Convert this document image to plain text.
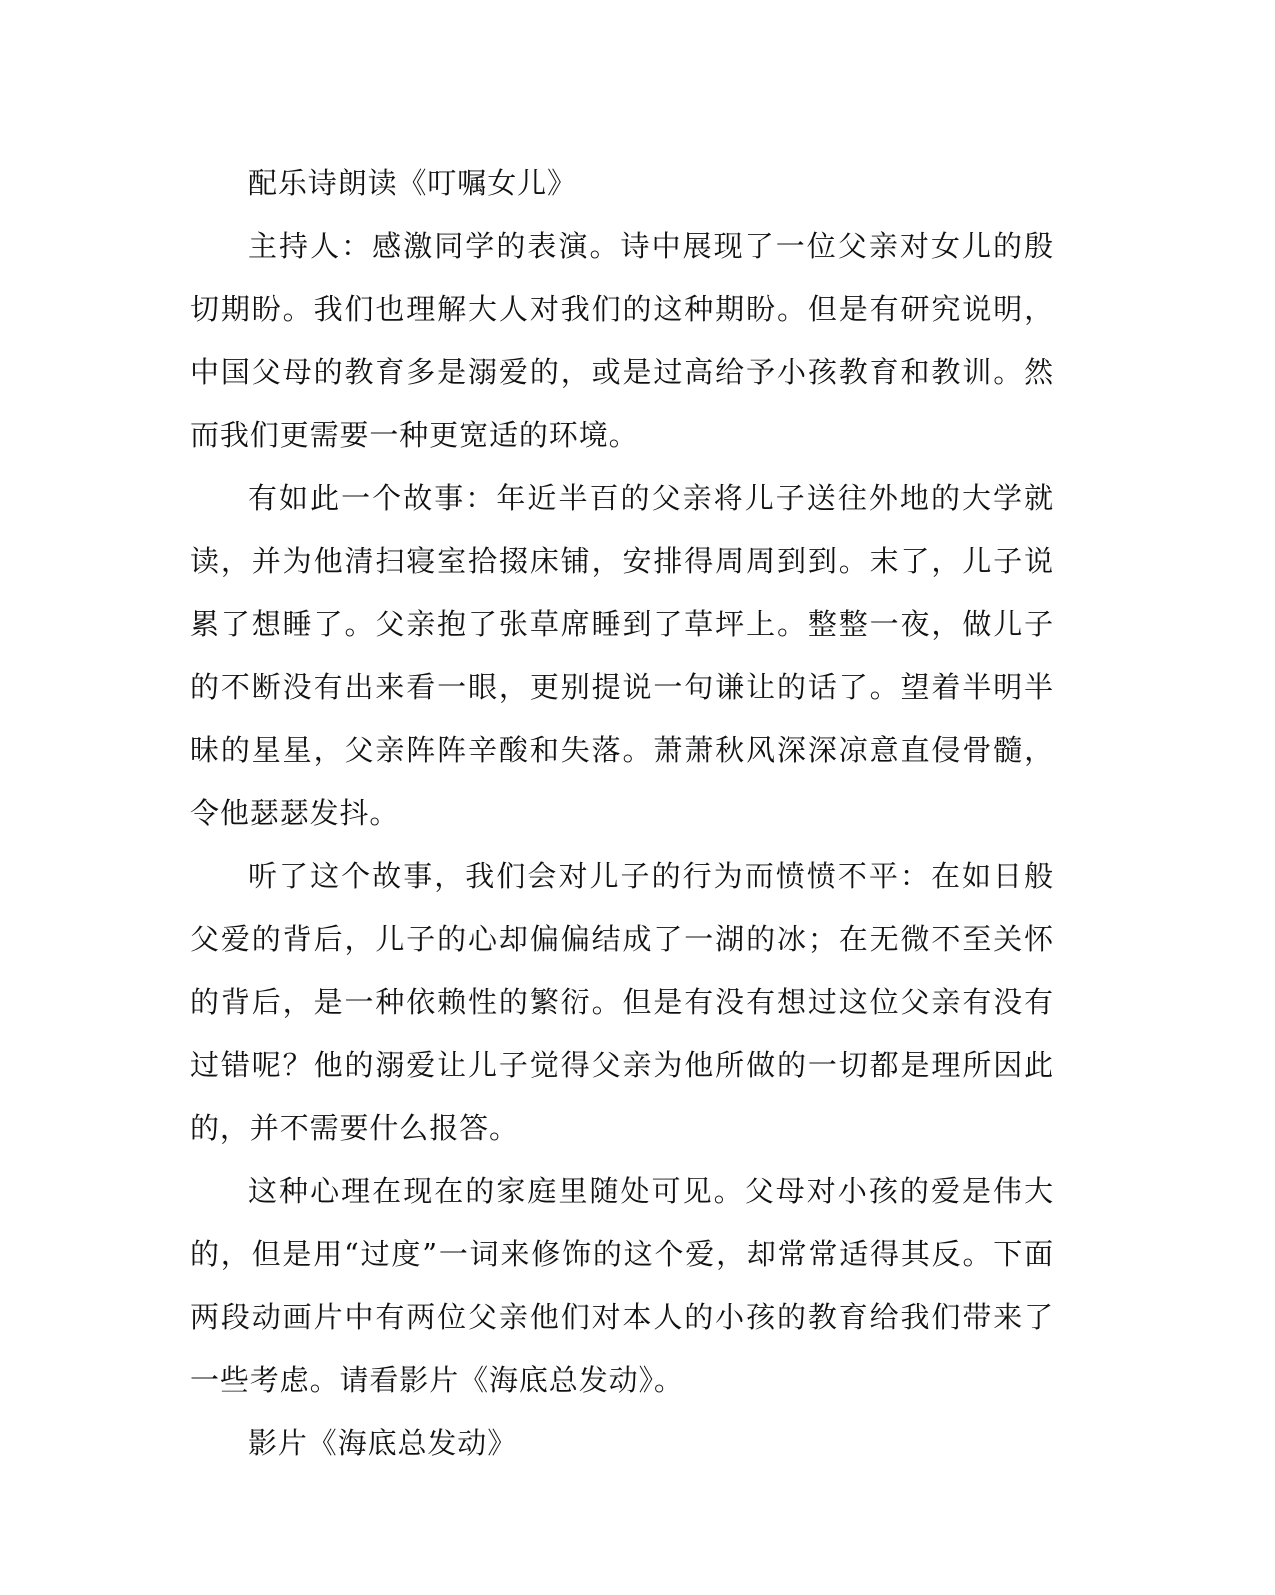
配乐诗朗读《叮嘱女儿》

主持人：感激同学的表演。诗中展现了一位父亲对女儿的殷切期盼。我们也理解大人对我们的这种期盼。但是有研究说明，中国父母的教育多是溺爱的，或是过高给予小孩教育和教训。然而我们更需要一种更宽适的环境。

有如此一个故事：年近半百的父亲将儿子送往外地的大学就读，并为他清扫寝室拾掇床铺，安排得周周到到。末了，儿子说累了想睡了。父亲抱了张草席睡到了草坪上。整整一夜，做儿子的不断没有出来看一眼，更别提说一句谦让的话了。望着半明半昧的星星，父亲阵阵辛酸和失落。萧萧秋风深深凉意直侵骨髓，令他瑟瑟发抖。

听了这个故事，我们会对儿子的行为而愤愤不平：在如日般父爱的背后，儿子的心却偏偏结成了一湖的冰；在无微不至关怀的背后，是一种依赖性的繁衍。但是有没有想过这位父亲有没有过错呢？他的溺爱让儿子觉得父亲为他所做的一切都是理所因此的，并不需要什么报答。

这种心理在现在的家庭里随处可见。父母对小孩的爱是伟大的，但是用“过度”一词来修饰的这个爱，却常常适得其反。下面两段动画片中有两位父亲他们对本人的小孩的教育给我们带来了一些考虑。请看影片《海底总发动》。

影片《海底总发动》
